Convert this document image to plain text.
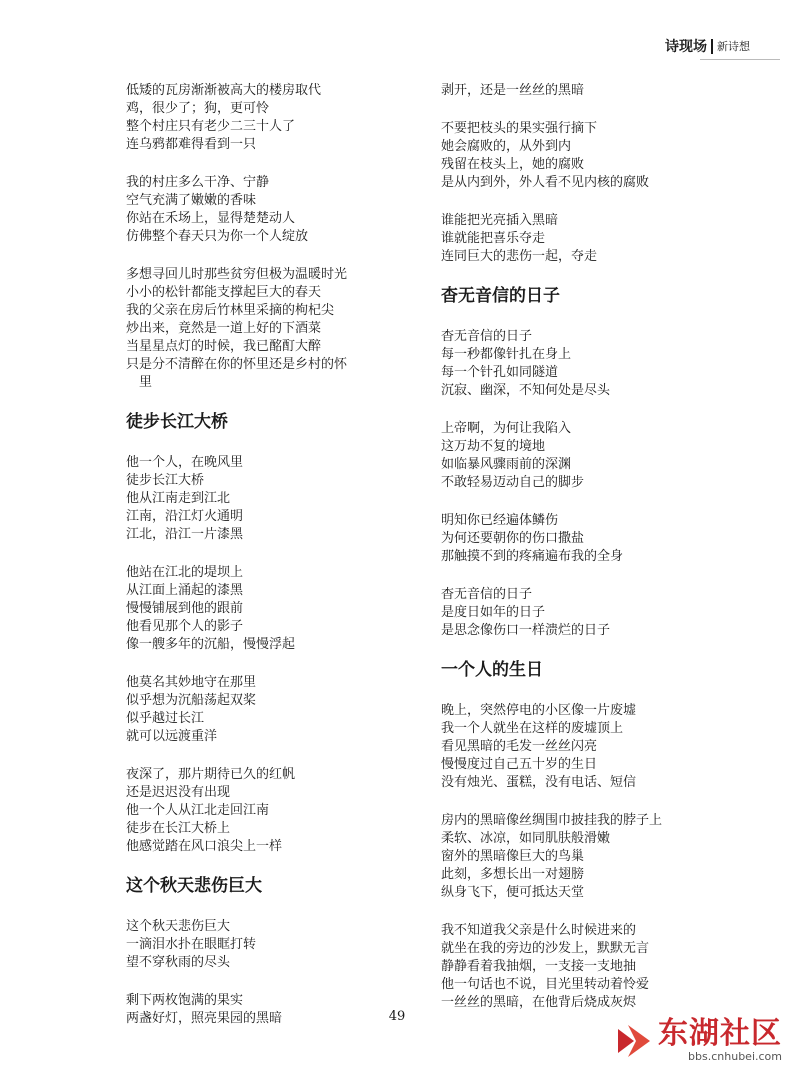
诗现场 新诗想
低矮的瓦房渐渐被高大的楼房取代
鸡，很少了；狗，更可怜
整个村庄只有老少二三十人了
连乌鸦都难得看到一只
我的村庄多么干净、宁静
空气充满了嫩嫩的香味
你站在禾场上，显得楚楚动人
仿佛整个春天只为你一个人绽放
多想寻回儿时那些贫穷但极为温暖时光
小小的松针都能支撑起巨大的春天
我的父亲在房后竹林里采摘的枸杞尖
炒出来，竟然是一道上好的下酒菜
当星星点灯的时候，我已酩酊大醉
只是分不清醉在你的怀里还是乡村的怀
里
徒步长江大桥
他一个人，在晚风里
徒步长江大桥
他从江南走到江北
江南，沿江灯火通明
江北，沿江一片漆黑
他站在江北的堤坝上
从江面上涌起的漆黑
慢慢铺展到他的跟前
他看见那个人的影子
像一艘多年的沉船，慢慢浮起
他莫名其妙地守在那里
似乎想为沉船荡起双桨
似乎越过长江
就可以远渡重洋
夜深了，那片期待已久的红帆
还是迟迟没有出现
他一个人从江北走回江南
徒步在长江大桥上
他感觉踏在风口浪尖上一样
这个秋天悲伤巨大
这个秋天悲伤巨大
一滴泪水扑在眼眶打转
望不穿秋雨的尽头
剩下两枚饱满的果实
两盏好灯，照亮果园的黑暗
剥开，还是一丝丝的黑暗
不要把枝头的果实强行摘下
她会腐败的，从外到内
残留在枝头上，她的腐败
是从内到外，外人看不见内核的腐败
谁能把光亮插入黑暗
谁就能把喜乐夺走
连同巨大的悲伤一起，夺走
杳无音信的日子
杳无音信的日子
每一秒都像针扎在身上
每一个针孔如同隧道
沉寂、幽深，不知何处是尽头
上帝啊，为何让我陷入
这万劫不复的境地
如临暴风骤雨前的深渊
不敢轻易迈动自己的脚步
明知你已经遍体鳞伤
为何还要朝你的伤口撒盐
那触摸不到的疼痛遍布我的全身
杳无音信的日子
是度日如年的日子
是思念像伤口一样溃烂的日子
一个人的生日
晚上，突然停电的小区像一片废墟
我一个人就坐在这样的废墟顶上
看见黑暗的毛发一丝丝闪亮
慢慢度过自己五十岁的生日
没有烛光、蛋糕，没有电话、短信
房内的黑暗像丝绸围巾披挂我的脖子上
柔软、冰凉，如同肌肤般滑嫩
窗外的黑暗像巨大的鸟巢
此刻，多想长出一对翅膀
纵身飞下，便可抵达天堂
我不知道我父亲是什么时候进来的
就坐在我的旁边的沙发上，默默无言
静静看着我抽烟，一支接一支地抽
他一句话也不说，目光里转动着怜爱
一丝丝的黑暗，在他背后烧成灰烬
49	东湖社区
bbs.cnhubei.com
